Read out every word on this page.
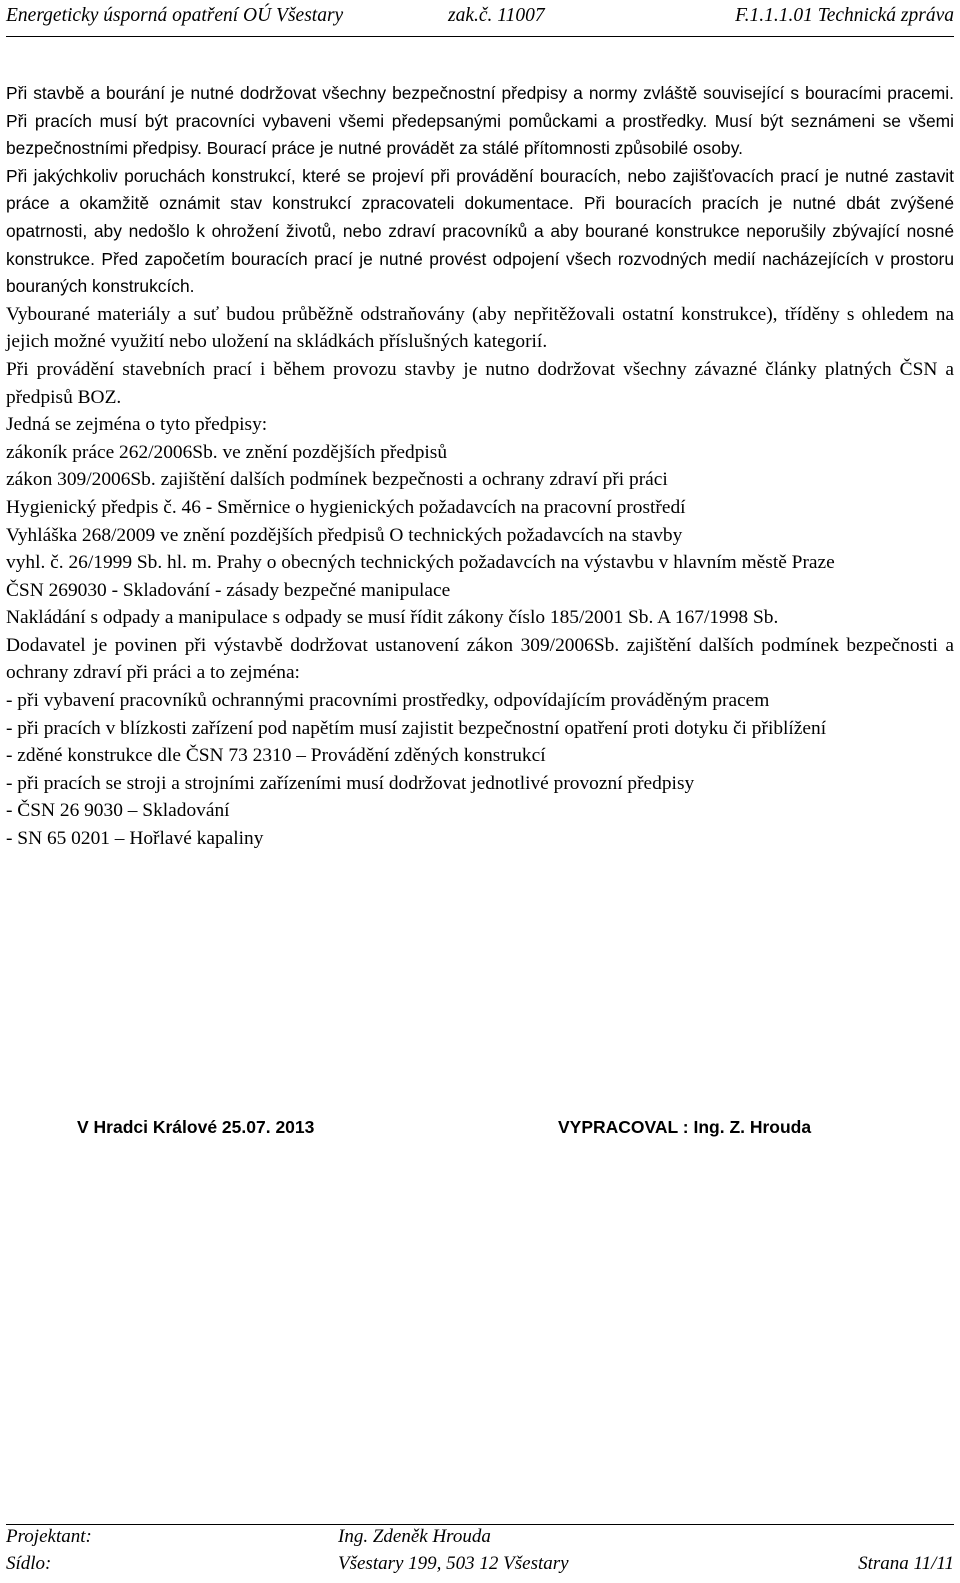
Energeticky úsporná opatření OÚ Všestary	zak.č. 11007	F.1.1.1.01 Technická zpráva

Při stavbě a bourání je nutné dodržovat všechny bezpečnostní předpisy a normy zvláště související s bouracími pracemi. Při pracích musí být pracovníci vybaveni všemi předepsanými pomůckami a prostředky. Musí být seznámeni se všemi bezpečnostními předpisy. Bourací práce je nutné provádět za stálé přítomnosti způsobilé osoby.

Při jakýchkoliv poruchách konstrukcí, které se projeví při provádění bouracích, nebo zajišťovacích prací je nutné zastavit práce a okamžitě oznámit stav konstrukcí zpracovateli dokumentace. Při bouracích pracích je nutné dbát zvýšené opatrnosti, aby nedošlo k ohrožení životů, nebo zdraví pracovníků a aby bourané konstrukce neporušily zbývající nosné konstrukce. Před započetím bouracích prací je nutné provést odpojení všech rozvodných medií nacházejících v prostoru bouraných konstrukcích.

Vybourané materiály a suť budou průběžně odstraňovány (aby nepřitěžovali ostatní konstrukce), tříděny s ohledem na jejich možné využití nebo uložení na skládkách příslušných kategorií.

Při provádění stavebních prací i během provozu stavby je nutno dodržovat všechny závazné články platných ČSN a předpisů BOZ.

Jedná se zejména o tyto předpisy:

zákoník práce 262/2006Sb. ve znění pozdějších předpisů

zákon 309/2006Sb. zajištění dalších podmínek bezpečnosti a ochrany zdraví při práci

Hygienický předpis č. 46 - Směrnice o hygienických požadavcích na pracovní prostředí

Vyhláška 268/2009 ve znění pozdějších předpisů O technických požadavcích na stavby

vyhl. č. 26/1999 Sb. hl. m. Prahy o obecných technických požadavcích na výstavbu v hlavním městě Praze

ČSN 269030 - Skladování - zásady bezpečné manipulace

Nakládání s odpady a manipulace s odpady se musí řídit zákony číslo 185/2001 Sb. A 167/1998 Sb.

Dodavatel je povinen při výstavbě dodržovat ustanovení zákon 309/2006Sb. zajištění dalších podmínek bezpečnosti a ochrany zdraví při práci a to zejména:

- při vybavení pracovníků ochrannými pracovními prostředky, odpovídajícím prováděným pracem

- při pracích v blízkosti zařízení pod napětím musí zajistit bezpečnostní opatření proti dotyku či přiblížení

- zděné konstrukce dle ČSN 73 2310 – Provádění zděných konstrukcí

- při pracích se stroji a strojními zařízeními musí dodržovat jednotlivé provozní předpisy

- ČSN 26 9030 – Skladování

- SN 65 0201 – Hořlavé kapaliny

V Hradci Králové 25.07. 2013	VYPRACOVAL : Ing. Z. Hrouda
Projektant:	Ing. Zdeněk Hrouda
Sídlo:	Všestary 199, 503 12 Všestary	Strana 11/11
